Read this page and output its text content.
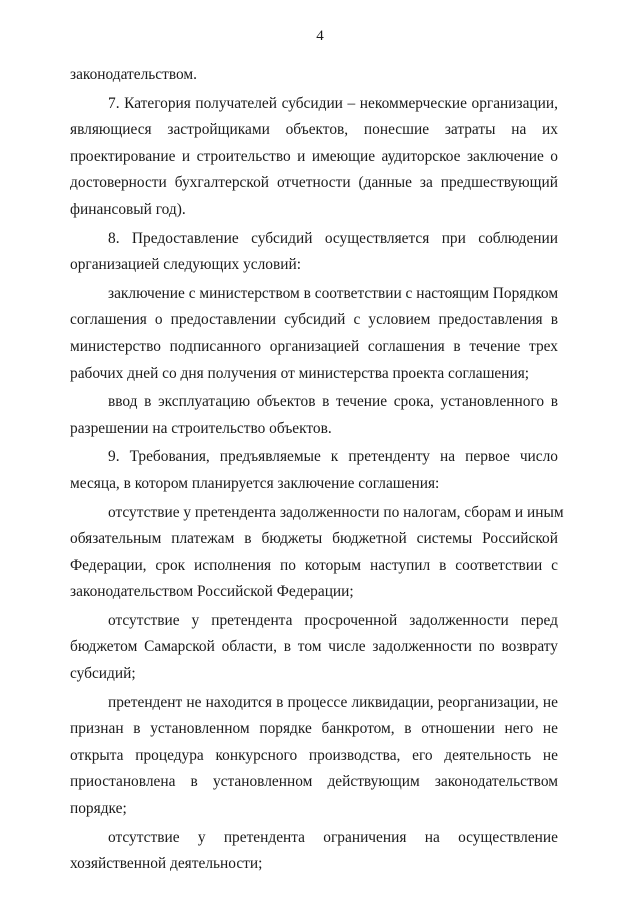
4
законодательством.
7. Категория получателей субсидии – некоммерческие организации,
являющиеся застройщиками объектов, понесшие затраты на их
проектирование и строительство и имеющие аудиторское заключение о
достоверности бухгалтерской отчетности (данные за предшествующий
финансовый год).
8. Предоставление субсидий осуществляется при соблюдении
организацией следующих условий:
заключение с министерством в соответствии с настоящим Порядком
соглашения о предоставлении субсидий с условием предоставления в
министерство подписанного организацией соглашения в течение трех
рабочих дней со дня получения от министерства проекта соглашения;
ввод в эксплуатацию объектов в течение срока, установленного в
разрешении на строительство объектов.
9. Требования, предъявляемые к претенденту на первое число
месяца, в котором планируется заключение соглашения:
отсутствие у претендента задолженности по налогам, сборам и иным
обязательным платежам в бюджеты бюджетной системы Российской
Федерации, срок исполнения по которым наступил в соответствии с
законодательством Российской Федерации;
отсутствие у претендента просроченной задолженности перед
бюджетом Самарской области, в том числе задолженности по возврату
субсидий;
претендент не находится в процессе ликвидации, реорганизации, не
признан в установленном порядке банкротом, в отношении него не
открыта процедура конкурсного производства, его деятельность не
приостановлена в установленном действующим законодательством
порядке;
отсутствие у претендента ограничения на осуществление
хозяйственной деятельности;
